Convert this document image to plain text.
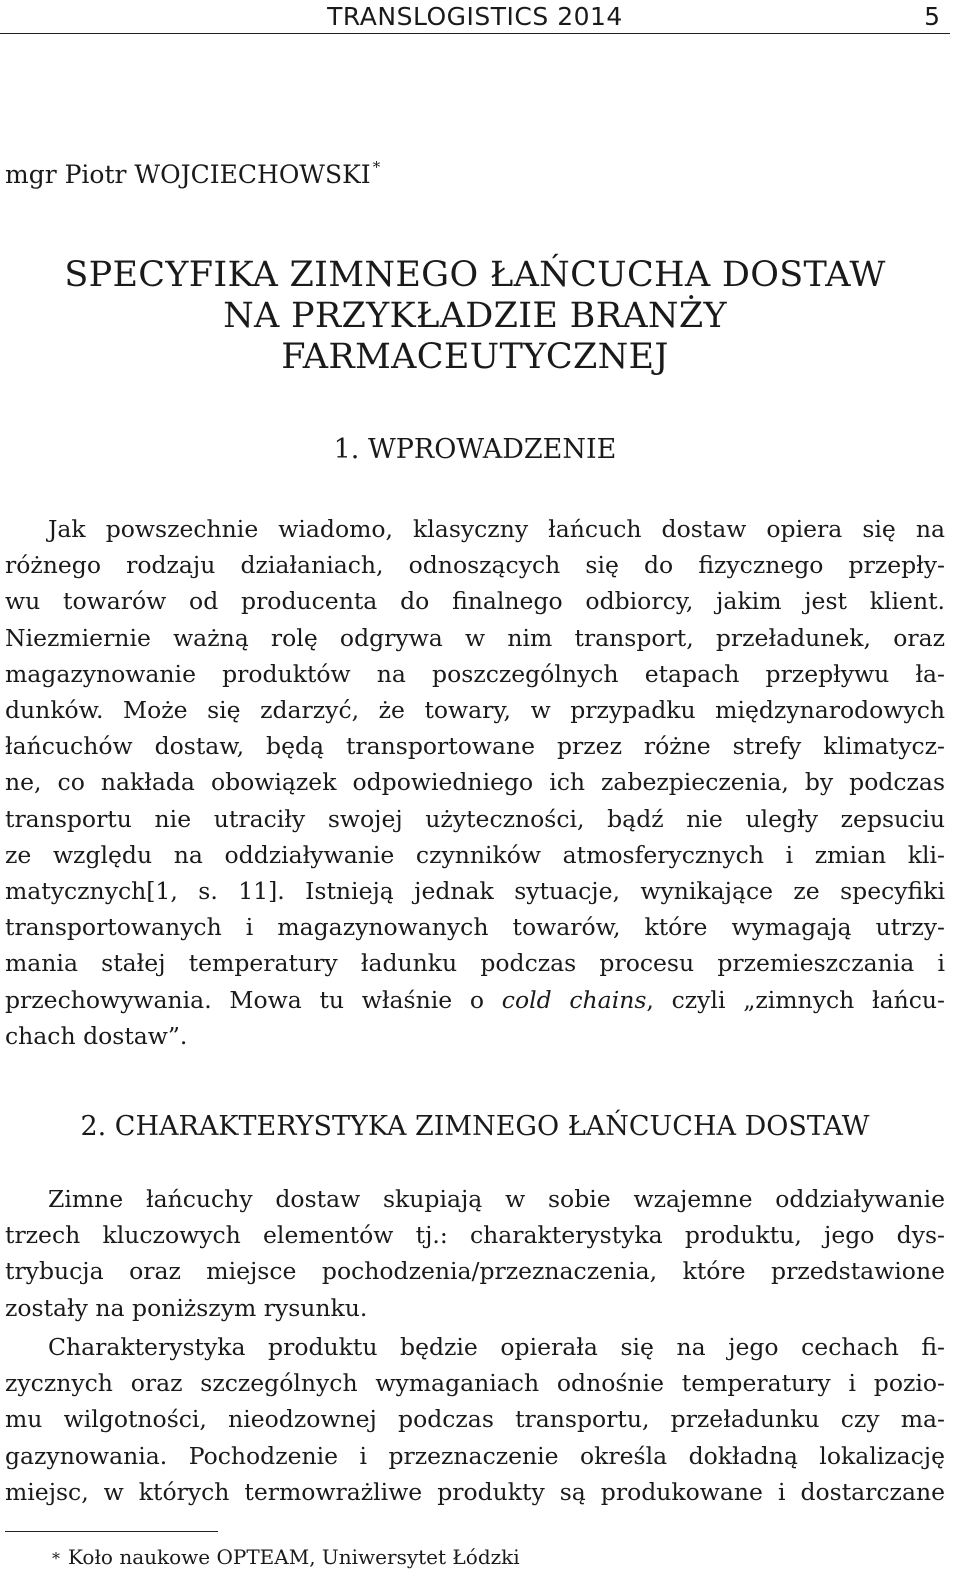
TRANSLOGISTICS 2014	5
mgr Piotr WOJCIECHOWSKI *
SPECYFIKA ZIMNEGO ŁAŃCUCHA DOSTAW
NA PRZYKŁADZIE BRANŻY
FARMACEUTYCZNEJ
1. WPROWADZENIE

Jak powszechnie wiadomo, klasyczny łańcuch dostaw opiera się na
różnego rodzaju działaniach, odnoszących się do fizycznego przepły-
wu towarów od producenta do finalnego odbiorcy, jakim jest klient.
Niezmiernie ważną rolę odgrywa w nim transport, przeładunek, oraz
magazynowanie produktów na poszczególnych etapach przepływu ła-
dunków. Może się zdarzyć, że towary, w przypadku międzynarodowych
łańcuchów dostaw, będą transportowane przez różne strefy klimatycz-
ne, co nakłada obowiązek odpowiedniego ich zabezpieczenia, by podczas
transportu nie utraciły swojej użyteczności, bądź nie uległy zepsuciu
ze względu na oddziaływanie czynników atmosferycznych i zmian kli-
matycznych[1, s. 11]. Istnieją jednak sytuacje, wynikające ze specyfiki
transportowanych i magazynowanych towarów, które wymagają utrzy-
mania stałej temperatury ładunku podczas procesu przemieszczania i
przechowywania. Mowa tu właśnie o cold chains, czyli „zimnych łańcu-
chach dostaw”.

2. CHARAKTERYSTYKA ZIMNEGO ŁAŃCUCHA DOSTAW

Zimne łańcuchy dostaw skupiają w sobie wzajemne oddziaływanie
trzech kluczowych elementów tj.: charakterystyka produktu, jego dys-
trybucja oraz miejsce pochodzenia/przeznaczenia, które przedstawione
zostały na poniższym rysunku.

Charakterystyka produktu będzie opierała się na jego cechach fi-
zycznych oraz szczególnych wymaganiach odnośnie temperatury i pozio-
mu wilgotności, nieodzownej podczas transportu, przeładunku czy ma-
gazynowania. Pochodzenie i przeznaczenie określa dokładną lokalizację
miejsc, w których termowrażliwe produkty są produkowane i dostarczane

* Koło naukowe OPTEAM, Uniwersytet Łódzki
